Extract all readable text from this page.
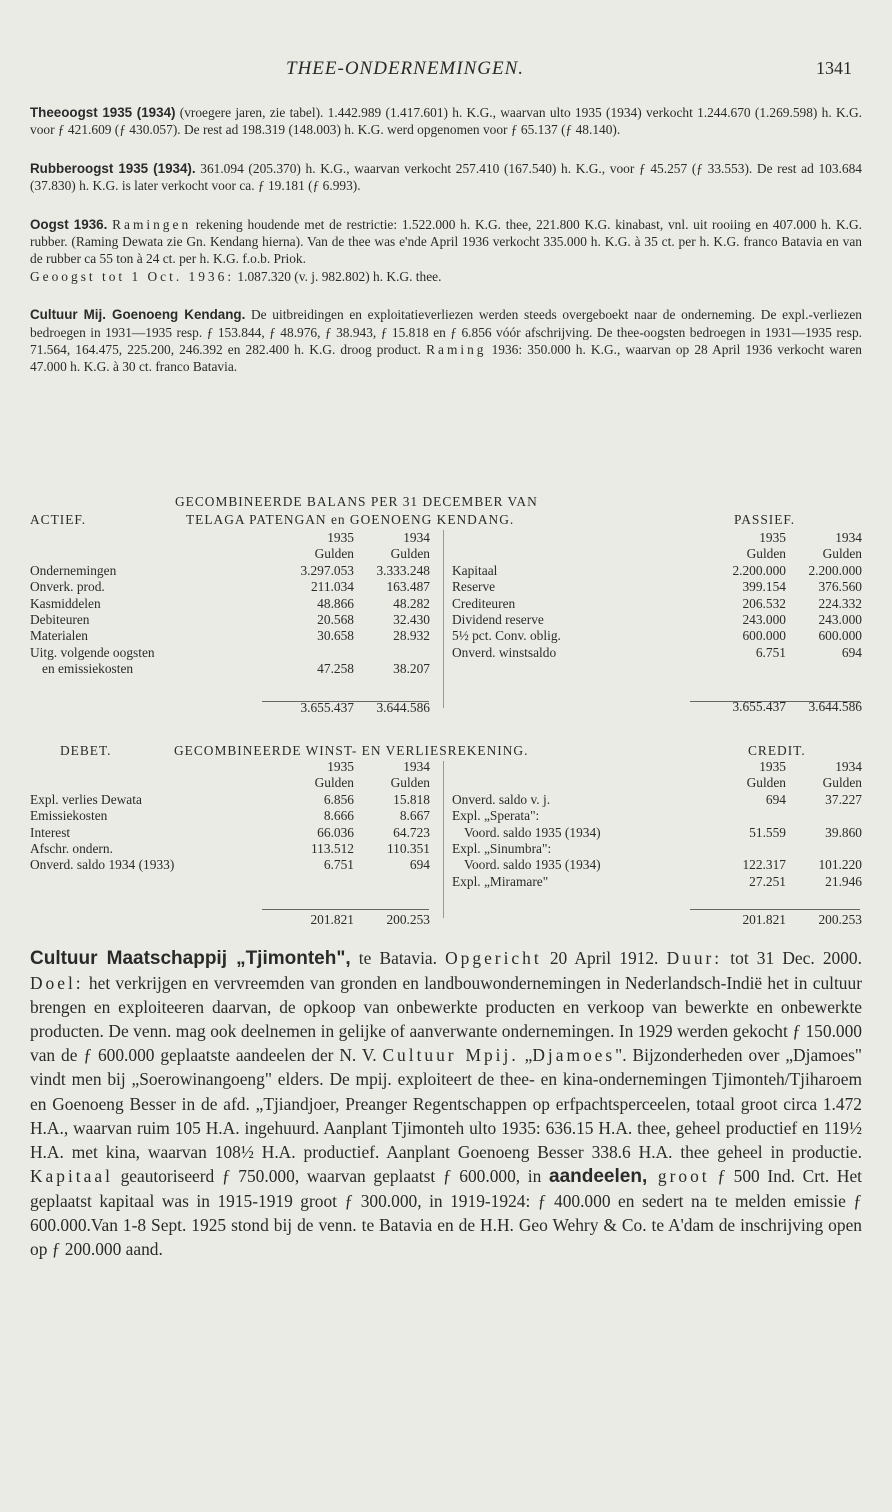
THEE-ONDERNEMINGEN.	1341

Theeoogst 1935 (1934) (vroegere jaren, zie tabel). 1.442.989 (1.417.601) h. K.G., waarvan ulto 1935 (1934) verkocht 1.244.670 (1.269.598) h. K.G. voor ƒ 421.609 (ƒ 430.057). De rest ad 198.319 (148.003) h. K.G. werd opgenomen voor ƒ 65.137 (ƒ 48.140).

Rubberoogst 1935 (1934). 361.094 (205.370) h. K.G., waarvan verkocht 257.410 (167.540) h. K.G., voor ƒ 45.257 (ƒ 33.553). De rest ad 103.684 (37.830) h. K.G. is later verkocht voor ca. ƒ 19.181 (ƒ 6.993).

Oogst 1936. Ramingen rekening houdende met de restrictie: 1.522.000 h. K.G. thee, 221.800 K.G. kinabast, vnl. uit rooiing en 407.000 h. K.G. rubber. (Raming Dewata zie Gn. Kendang hierna). Van de thee was e'nde April 1936 verkocht 335.000 h. K.G. à 35 ct. per h. K.G. franco Batavia en van de rubber ca 55 ton à 24 ct. per h. K.G. f.o.b. Priok.
Geoogst tot 1 Oct. 1936: 1.087.320 (v. j. 982.802) h. K.G. thee.

Cultuur Mij. Goenoeng Kendang. De uitbreidingen en exploitatieverliezen werden steeds overgeboekt naar de onderneming. De expl.-verliezen bedroegen in 1931—1935 resp. ƒ 153.844, ƒ 48.976, ƒ 38.943, ƒ 15.818 en ƒ 6.856 vóór afschrijving. De thee-oogsten bedroegen in 1931—1935 resp. 71.564, 164.475, 225.200, 246.392 en 282.400 h. K.G. droog product. Raming 1936: 350.000 h. K.G., waarvan op 28 April 1936 verkocht waren 47.000 h. K.G. à 30 ct. franco Batavia.

GECOMBINEERDE BALANS PER 31 DECEMBER VAN
ACTIEF.	TELAGA PATENGAN en GOENOENG KENDANG.	PASSIEF.
	1935	1934
	Gulden	Gulden
Ondernemingen	3.297.053	3.333.248
Onverk. prod.	211.034	163.487
Kasmiddelen	48.866	48.282
Debiteuren	20.568	32.430
Materialen	30.658	28.932
Uitg. volgende oogsten		
en emissiekosten	47.258	38.207

	3.655.437	3.644.586
	1935	1934
	Gulden	Gulden
Kapitaal	2.200.000	2.200.000
Reserve	399.154	376.560
Crediteuren	206.532	224.332
Dividend reserve	243.000	243.000
5½ pct. Conv. oblig.	600.000	600.000
Onverd. winstsaldo	6.751	694

	3.655.437	3.644.586
DEBET.	GECOMBINEERDE WINST- EN VERLIESREKENING.	CREDIT.
	1935	1934
	Gulden	Gulden
Expl. verlies Dewata	6.856	15.818
Emissiekosten	8.666	8.667
Interest	66.036	64.723
Afschr. ondern.	113.512	110.351
Onverd. saldo 1934 (1933)	6.751	694

	201.821	200.253
	1935	1934
	Gulden	Gulden
Onverd. saldo v. j.	694	37.227
Expl. „Sperata":		
Voord. saldo 1935 (1934)	51.559	39.860
Expl. „Sinumbra":		
Voord. saldo 1935 (1934)	122.317	101.220
Expl. „Miramare"	27.251	21.946

	201.821	200.253

Cultuur Maatschappij „Tjimonteh", te Batavia. Opgericht 20 April 1912. Duur: tot 31 Dec. 2000. Doel: het verkrijgen en vervreemden van gronden en landbouwondernemingen in Nederlandsch-Indië het in cultuur brengen en exploiteeren daarvan, de opkoop van onbewerkte producten en verkoop van bewerkte en onbewerkte producten. De venn. mag ook deelnemen in gelijke of aanverwante ondernemingen. In 1929 werden gekocht ƒ 150.000 van de ƒ 600.000 geplaatste aandeelen der N. V. Cultuur Mpij. „Djamoes". Bijzonderheden over „Djamoes" vindt men bij „Soerowinangoeng" elders. De mpij. exploiteert de thee- en kina-ondernemingen Tjimonteh/Tjiharoem en Goenoeng Besser in de afd. „Tjiandjoer, Preanger Regentschappen op erfpachtsperceelen, totaal groot circa 1.472 H.A., waarvan ruim 105 H.A. ingehuurd. Aanplant Tjimonteh ulto 1935: 636.15 H.A. thee, geheel productief en 119½ H.A. met kina, waarvan 108½ H.A. productief. Aanplant Goenoeng Besser 338.6 H.A. thee geheel in productie. Kapitaal geautoriseerd ƒ 750.000, waarvan geplaatst ƒ 600.000, in aandeelen, groot ƒ 500 Ind. Crt. Het geplaatst kapitaal was in 1915-1919 groot ƒ 300.000, in 1919-1924: ƒ 400.000 en sedert na te melden emissie ƒ 600.000.Van 1-8 Sept. 1925 stond bij de venn. te Batavia en de H.H. Geo Wehry & Co. te A'dam de inschrijving open op ƒ 200.000 aand.
